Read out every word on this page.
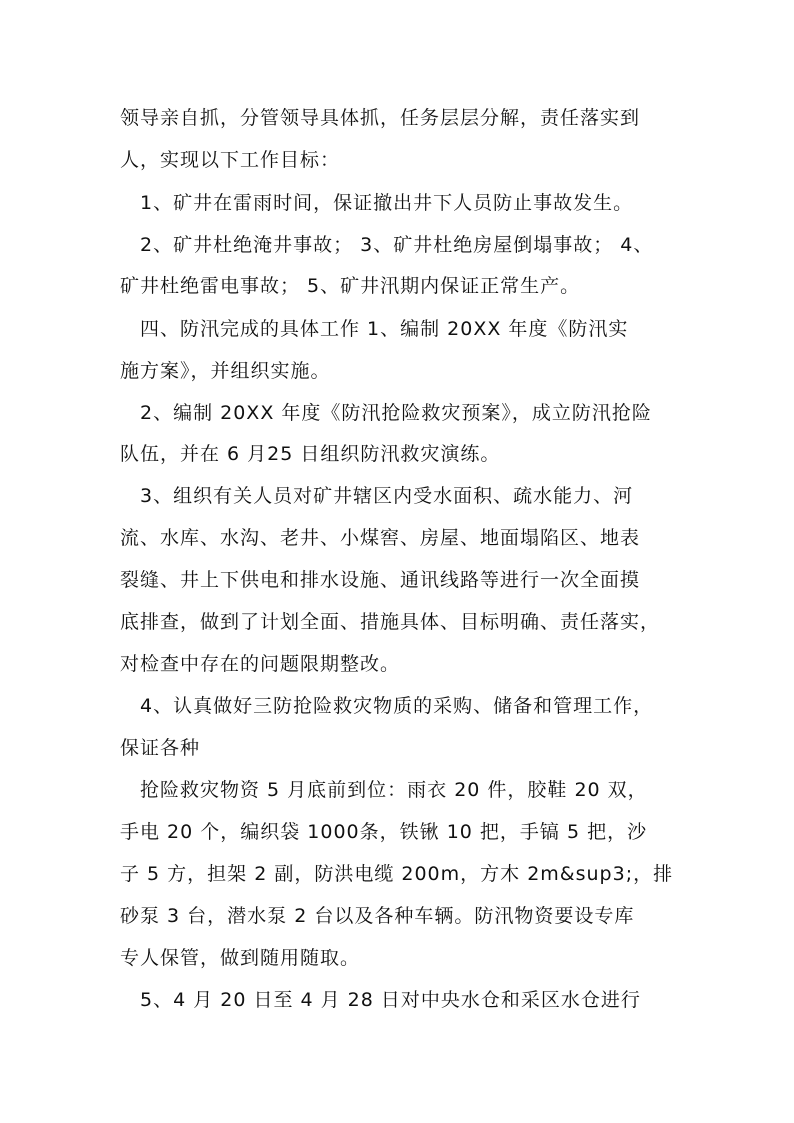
领导亲自抓，分管领导具体抓，任务层层分解，责任落实到
人，实现以下工作目标：
1、矿井在雷雨时间，保证撤出井下人员防止事故发生。
2、矿井杜绝淹井事故； 3、矿井杜绝房屋倒塌事故； 4、
矿井杜绝雷电事故； 5、矿井汛期内保证正常生产。
四、防汛完成的具体工作 1、编制 20XX 年度《防汛实
施方案》，并组织实施。
2、编制 20XX 年度《防汛抢险救灾预案》，成立防汛抢险
队伍，并在 6 月25 日组织防汛救灾演练。
3、组织有关人员对矿井辖区内受水面积、疏水能力、河
流、水库、水沟、老井、小煤窖、房屋、地面塌陷区、地表
裂缝、井上下供电和排水设施、通讯线路等进行一次全面摸
底排查，做到了计划全面、措施具体、目标明确、责任落实，
对检查中存在的问题限期整改。
4、认真做好三防抢险救灾物质的采购、储备和管理工作，
保证各种
抢险救灾物资 5 月底前到位：雨衣 20 件，胶鞋 20 双，
手电 20 个，编织袋 1000条，铁锹 10 把，手镐 5 把，沙
子 5 方，担架 2 副，防洪电缆 200m，方木 2m&sup3;，排
砂泵 3 台，潜水泵 2 台以及各种车辆。防汛物资要设专库
专人保管，做到随用随取。
5、4 月 20 日至 4 月 28 日对中央水仓和采区水仓进行
